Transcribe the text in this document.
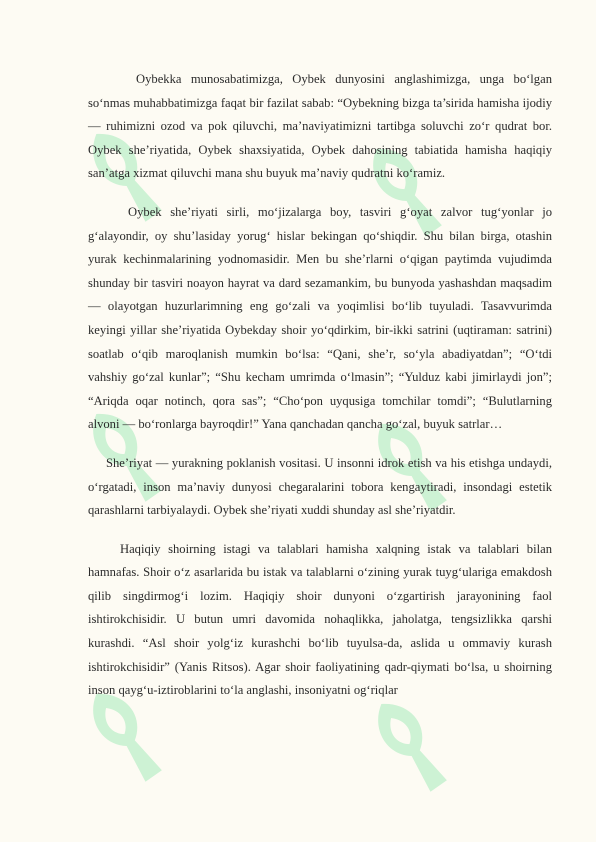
Oybekka munosabatimizga, Oybek dunyosini anglashimizga, unga bo‘lgan so‘nmas muhabbatimizga faqat bir fazilat sabab: “Oybekning bizga ta’sirida hamisha ijodiy — ruhimizni ozod va pok qiluvchi, ma’naviyatimizni tartibga soluvchi zo‘r qudrat bor. Oybek she’riyatida, Oybek shaxsiyatida, Oybek dahosining tabiatida hamisha haqiqiy san’atga xizmat qiluvchi mana shu buyuk ma’naviy qudratni ko‘ramiz.

Oybek she’riyati sirli, mo‘jizalarga boy, tasviri g‘oyat zalvor tug‘yonlar jo g‘alayondir, oy shu’lasiday yorug‘ hislar bekingan qo‘shiqdir. Shu bilan birga, otashin yurak kechinmalarining yodnomasidir. Men bu she’rlarni o‘qigan paytimda vujudimda shunday bir tasviri noayon hayrat va dard sezamankim, bu bunyoda yashashdan maqsadim — olayotgan huzurlarimning eng go‘zali va yoqimlisi bo‘lib tuyuladi. Tasavvurimda keyingi yillar she’riyatida Oybekday shoir yo‘qdirkim, bir-ikki satrini (uqtiraman: satrini) soatlab o‘qib maroqlanish mumkin bo‘lsa: “Qani, she’r, so‘yla abadiyatdan”; “O‘tdi vahshiy go‘zal kunlar”; “Shu kecham umrimda o‘lmasin”; “Yulduz kabi jimirlaydi jon”; “Ariqda oqar notinch, qora sas”; “Cho‘pon uyqusiga tomchilar tomdi”; “Bulutlarning alvoni — bo‘ronlarga bayroqdir!” Yana qanchadan qancha go‘zal, buyuk satrlar…

She’riyat — yurakning poklanish vositasi. U insonni idrok etish va his etishga undaydi, o‘rgatadi, inson ma’naviy dunyosi chegaralarini tobora kengaytiradi, insondagi estetik qarashlarni tarbiyalaydi. Oybek she’riyati xuddi shunday asl she’riyatdir.

Haqiqiy shoirning istagi va talablari hamisha xalqning istak va talablari bilan hamnafas. Shoir o‘z asarlarida bu istak va talablarni o‘zining yurak tuyg‘ulariga emakdosh qilib singdirmog‘i lozim. Haqiqiy shoir dunyoni o‘zgartirish jarayonining faol ishtirokchisidir. U butun umri davomida nohaqlikka, jaholatga, tengsizlikka qarshi kurashdi. “Asl shoir yolg‘iz kurashchi bo‘lib tuyulsa-da, aslida u ommaviy kurash ishtirokchisidir” (Yanis Ritsos). Agar shoir faoliyatining qadr-qiymati bo‘lsa, u shoirning inson qayg‘u-iztiroblarini to‘la anglashi, insoniyatni og‘riqlar
